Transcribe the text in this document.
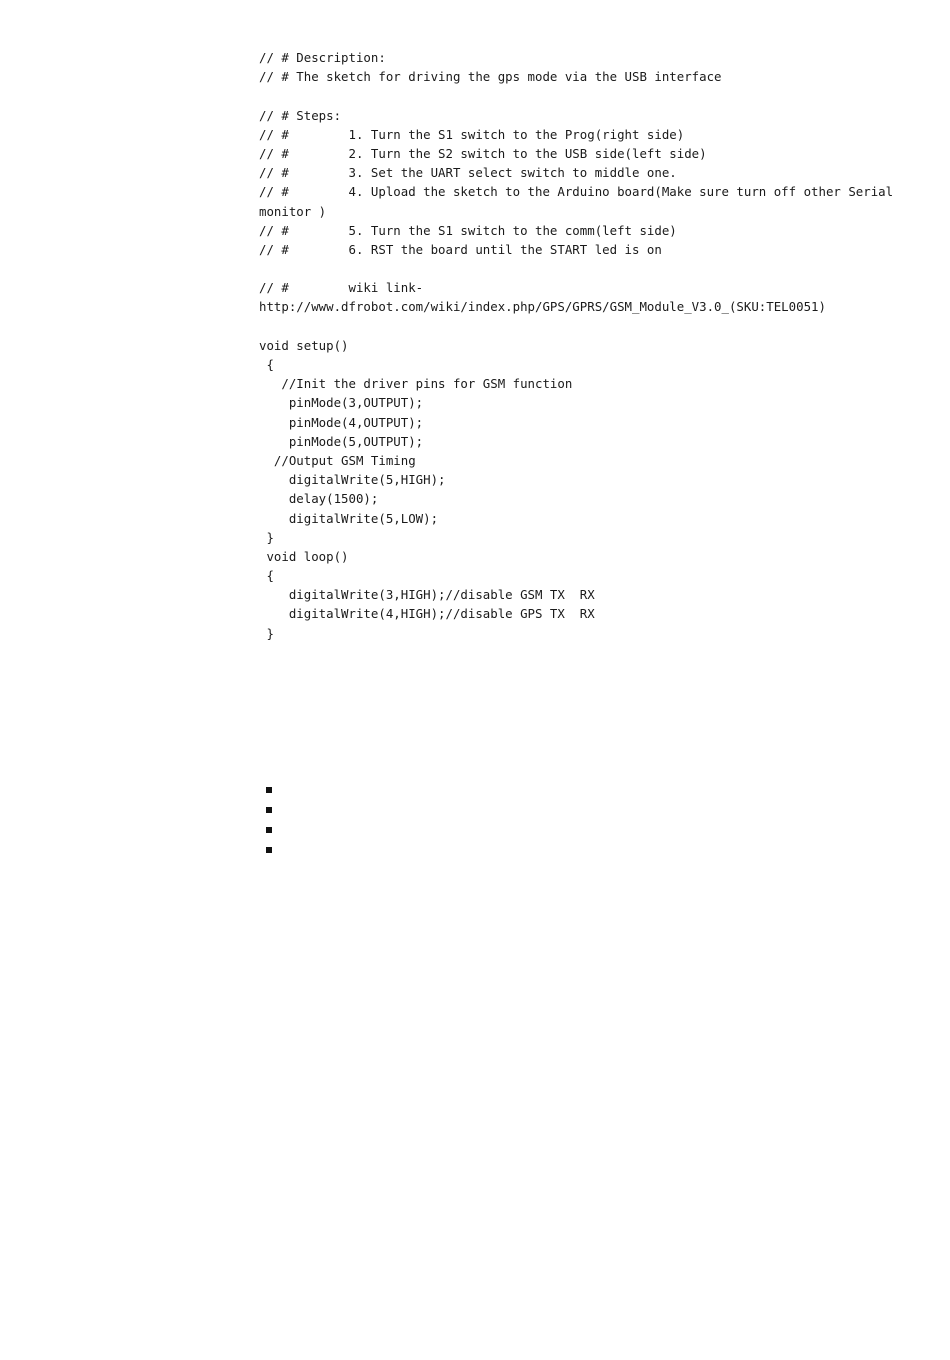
// # Description:
// # The sketch for driving the gps mode via the USB interface
// # Steps:
// #        1. Turn the S1 switch to the Prog(right side)
// #        2. Turn the S2 switch to the USB side(left side)
// #        3. Set the UART select switch to middle one.
// #        4. Upload the sketch to the Arduino board(Make sure turn off other Serial
monitor )
// #        5. Turn the S1 switch to the comm(left side)
// #        6. RST the board until the START led is on
// #        wiki link-
http://www.dfrobot.com/wiki/index.php/GPS/GPRS/GSM_Module_V3.0_(SKU:TEL0051)
void setup()
{
//Init the driver pins for GSM function
pinMode(3,OUTPUT);
pinMode(4,OUTPUT);
pinMode(5,OUTPUT);
//Output GSM Timing
digitalWrite(5,HIGH);
delay(1500);
digitalWrite(5,LOW);
}
void loop()
{
digitalWrite(3,HIGH);//disable GSM TX  RX
digitalWrite(4,HIGH);//disable GPS TX  RX
}
